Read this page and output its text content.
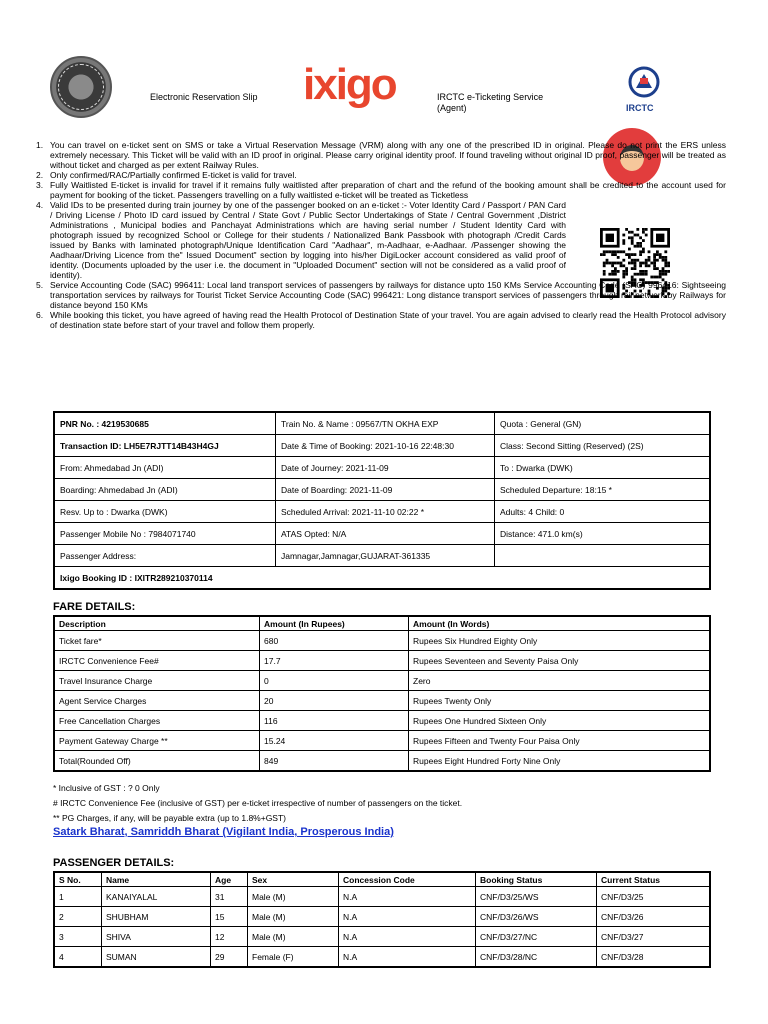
Electronic Reservation Slip ixigo	IRCTC e-Ticketing Service (Agent)	IRCTC
1. You can travel on e-ticket sent on SMS or take a Virtual Reservation Message (VRM) along with any one of the prescribed ID in original. Please do not print the ERS unless extremely necessary. This Ticket will be valid with an ID proof in original. Please carry original identity proof. If found traveling without original ID proof, passenger will be treated as without ticket and charged as per extent Railway Rules.
2. Only confirmed/RAC/Partially confirmed E-ticket is valid for travel.
3. Fully Waitlisted E-ticket is invalid for travel if it remains fully waitlisted after preparation of chart and the refund of the booking amount shall be credited to the account used for payment for booking of the ticket. Passengers travelling on a fully waitlisted e-ticket will be treated as Ticketless
4. Valid IDs to be presented during train journey by one of the passenger booked on an e-ticket :- Voter Identity Card / Passport / PAN Card / Driving License / Photo ID card issued by Central / State Govt / Public Sector Undertakings of State / Central Government ,District Administrations , Municipal bodies and Panchayat Administrations which are having serial number / Student Identity Card with photograph issued by recognized School or College for their students / Nationalized Bank Passbook with photograph /Credit Cards issued by Banks with laminated photograph/Unique Identification Card "Aadhaar", m-Aadhaar, e-Aadhaar. /Passenger showing the Aadhaar/Driving Licence from the" Issued Document" section by logging into his/her DigiLocker account considered as valid proof of identity. (Documents uploaded by the user i.e. the document in "Uploaded Document" section will not be considered as a valid proof of identity).
5. Service Accounting Code (SAC) 996411: Local land transport services of passengers by railways for distance upto 150 KMs Service Accounting Code (SAC) 996416: Sightseeing transportation services by railways for Tourist Ticket Service Accounting Code (SAC) 996421: Long distance transport services of passengers through rail network by Railways for distance beyond 150 KMs
6. While booking this ticket, you have agreed of having read the Health Protocol of Destination State of your travel. You are again advised to clearly read the Health Protocol advisory of destination state before start of your travel and follow them properly.
PNR No. : 4219530685	Train No. & Name : 09567/TN OKHA EXP	Quota : General (GN)
Transaction ID: LH5E7RJTT14B43H4GJ	Date & Time of Booking: 2021-10-16 22:48:30	Class: Second Sitting (Reserved) (2S)
From: Ahmedabad Jn (ADI)	Date of Journey: 2021-11-09	To : Dwarka (DWK)
Boarding: Ahmedabad Jn (ADI)	Date of Boarding: 2021-11-09	Scheduled Departure: 18:15 *
Resv. Up to : Dwarka (DWK)	Scheduled Arrival: 2021-11-10 02:22 *	Adults: 4 Child: 0
Passenger Mobile No : 7984071740	ATAS Opted: N/A	Distance: 471.0 km(s)
Passenger Address:	Jamnagar,Jamnagar,GUJARAT-361335	
Ixigo Booking ID : IXITR289210370114		
FARE DETAILS:
Description	Amount (In Rupees)	Amount (In Words)
Ticket fare*	680	Rupees Six Hundred Eighty Only
IRCTC Convenience Fee#	17.7	Rupees Seventeen and Seventy Paisa Only
Travel Insurance Charge	0	Zero
Agent Service Charges	20	Rupees Twenty Only
Free Cancellation Charges	116	Rupees One Hundred Sixteen Only
Payment Gateway Charge **	15.24	Rupees Fifteen and Twenty Four Paisa Only
Total(Rounded Off)	849	Rupees Eight Hundred Forty Nine Only
* Inclusive of GST : ? 0 Only
# IRCTC Convenience Fee (inclusive of GST) per e-ticket irrespective of number of passengers on the ticket.
** PG Charges, if any, will be payable extra (up to 1.8%+GST)
Satark Bharat, Samriddh Bharat (Vigilant India, Prosperous India)
PASSENGER DETAILS:
S No.	Name	Age	Sex	Concession Code	Booking Status	Current Status
1	KANAIYALAL	31	Male (M)	N.A	CNF/D3/25/WS	CNF/D3/25
2	SHUBHAM	15	Male (M)	N.A	CNF/D3/26/WS	CNF/D3/26
3	SHIVA	12	Male (M)	N.A	CNF/D3/27/NC	CNF/D3/27
4	SUMAN	29	Female (F)	N.A	CNF/D3/28/NC	CNF/D3/28
